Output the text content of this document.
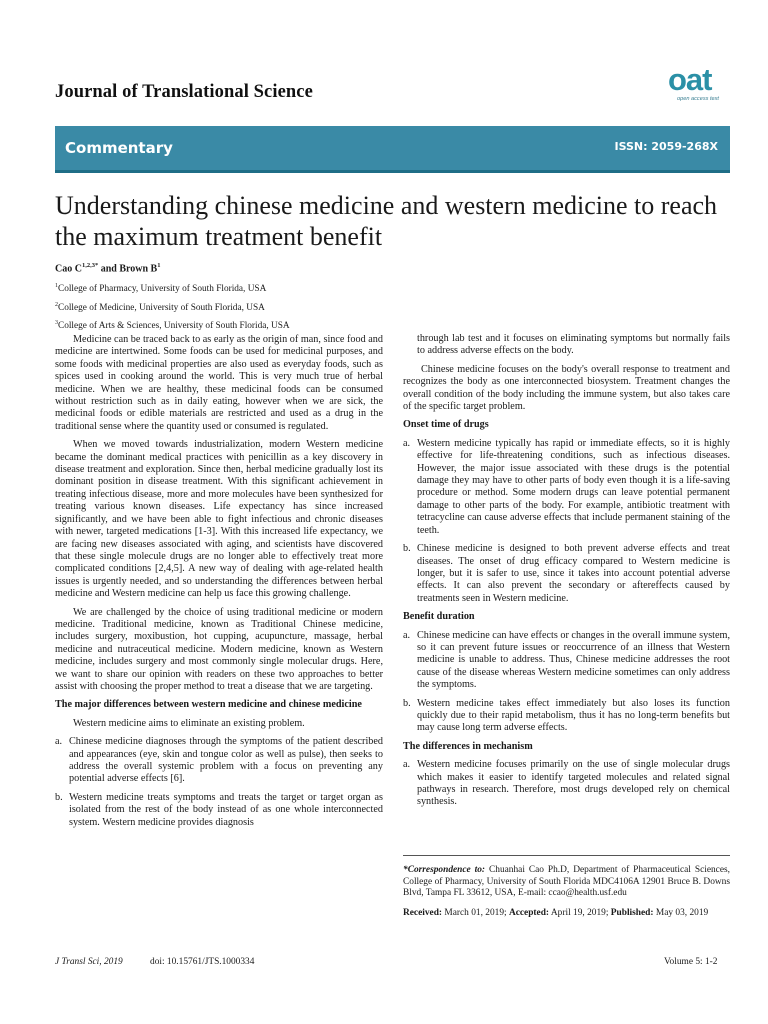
Journal of Translational Science	oat
open access text
Commentary	ISSN: 2059-268X
Understanding chinese medicine and western medicine to reach the maximum treatment benefit
Cao $C^{1,2,3*}$ and Brown $B^1$
$^1$College of Pharmacy, University of South Florida, USA
$^2$College of Medicine, University of South Florida, USA
$^3$College of Arts & Sciences, University of South Florida, USA

Medicine can be traced back to as early as the origin of man, since food and medicine are intertwined. Some foods can be used for medicinal purposes, and some foods with medicinal properties are also used as everyday foods, such as spices used in cooking around the world. This is very much true of herbal medicine. When we are healthy, these medicinal foods can be consumed without restriction such as in daily eating, however when we are sick, the medicinal foods or edible materials are restricted and used as a drug in the traditional sense where the quantity used or consumed is regulated.

When we moved towards industrialization, modern Western medicine became the dominant medical practices with penicillin as a key discovery in disease treatment and exploration. Since then, herbal medicine gradually lost its dominant position in disease treatment. With this significant achievement in treating infectious disease, more and more molecules have been synthesized for treating various known diseases. Life expectancy has since increased significantly, and we have been able to fight infectious and chronic diseases with newer, targeted medications [1-3]. With this increased life expectancy, we are facing new diseases associated with aging, and scientists have discovered that these single molecule drugs are no longer able to effectively treat more complicated conditions [2,4,5]. A new way of dealing with age-related health issues is urgently needed, and so understanding the differences between herbal medicine and Western medicine can help us face this growing challenge.

We are challenged by the choice of using traditional medicine or modern medicine. Traditional medicine, known as Traditional Chinese medicine, includes surgery, moxibustion, hot cupping, acupuncture, massage, herbal medicine and nutraceutical medicine. Modern medicine, known as Western medicine, includes surgery and most commonly single molecular drugs. Here, we want to share our opinion with readers on these two approaches to better assist with choosing the proper method to treat a disease that we are targeting.

The major differences between western medicine and chinese medicine

Western medicine aims to eliminate an existing problem.

a. Chinese medicine diagnoses through the symptoms of the patient described and appearances (eye, skin and tongue color as well as pulse), then seeks to address the overall systemic problem with a focus on preventing any potential adverse effects [6].
b. Western medicine treats symptoms and treats the target or target organ as isolated from the rest of the body instead of as one whole interconnected system. Western medicine provides diagnosis
through lab test and it focuses on eliminating symptoms but normally fails to address adverse effects on the body.

Chinese medicine focuses on the body's overall response to treatment and recognizes the body as one interconnected biosystem. Treatment changes the overall condition of the body including the immune system, but also takes care of the specific target problem.

Onset time of drugs
a. Western medicine typically has rapid or immediate effects, so it is highly effective for life-threatening conditions, such as infectious diseases. However, the major issue associated with these drugs is the potential damage they may have to other parts of body even though it is a life-saving procedure or method. Some modern drugs can leave potential permanent damage to other parts of the body. For example, antibiotic treatment with tetracycline can cause adverse effects that include permanent staining of the teeth.
b. Chinese medicine is designed to both prevent adverse effects and treat diseases. The onset of drug efficacy compared to Western medicine is longer, but it is safer to use, since it takes into account potential adverse effects. It can also prevent the secondary or aftereffects caused by treatments seen in Western medicine.
Benefit duration
a. Chinese medicine can have effects or changes in the overall immune system, so it can prevent future issues or reoccurrence of an illness that Western medicine is unable to address. Thus, Chinese medicine addresses the root cause of the disease whereas Western medicine sometimes can only address the symptoms.
b. Western medicine takes effect immediately but also loses its function quickly due to their rapid metabolism, thus it has no long-term benefits but may cause long term adverse effects.
The differences in mechanism
a. Western medicine focuses primarily on the use of single molecular drugs which makes it easier to identify targeted molecules and related signal pathways in research. Therefore, most drugs developed rely on chemical synthesis.
*Correspondence to: Chuanhai Cao Ph.D, Department of Pharmaceutical Sciences, College of Pharmacy, University of South Florida MDC4106A 12901 Bruce B. Downs Blvd, Tampa FL 33612, USA, E-mail: ccao@health.usf.edu
Received: March 01, 2019; Accepted: April 19, 2019; Published: May 03, 2019
J Transl Sci, 2019	doi: 10.15761/JTS.1000334	Volume 5: 1-2
